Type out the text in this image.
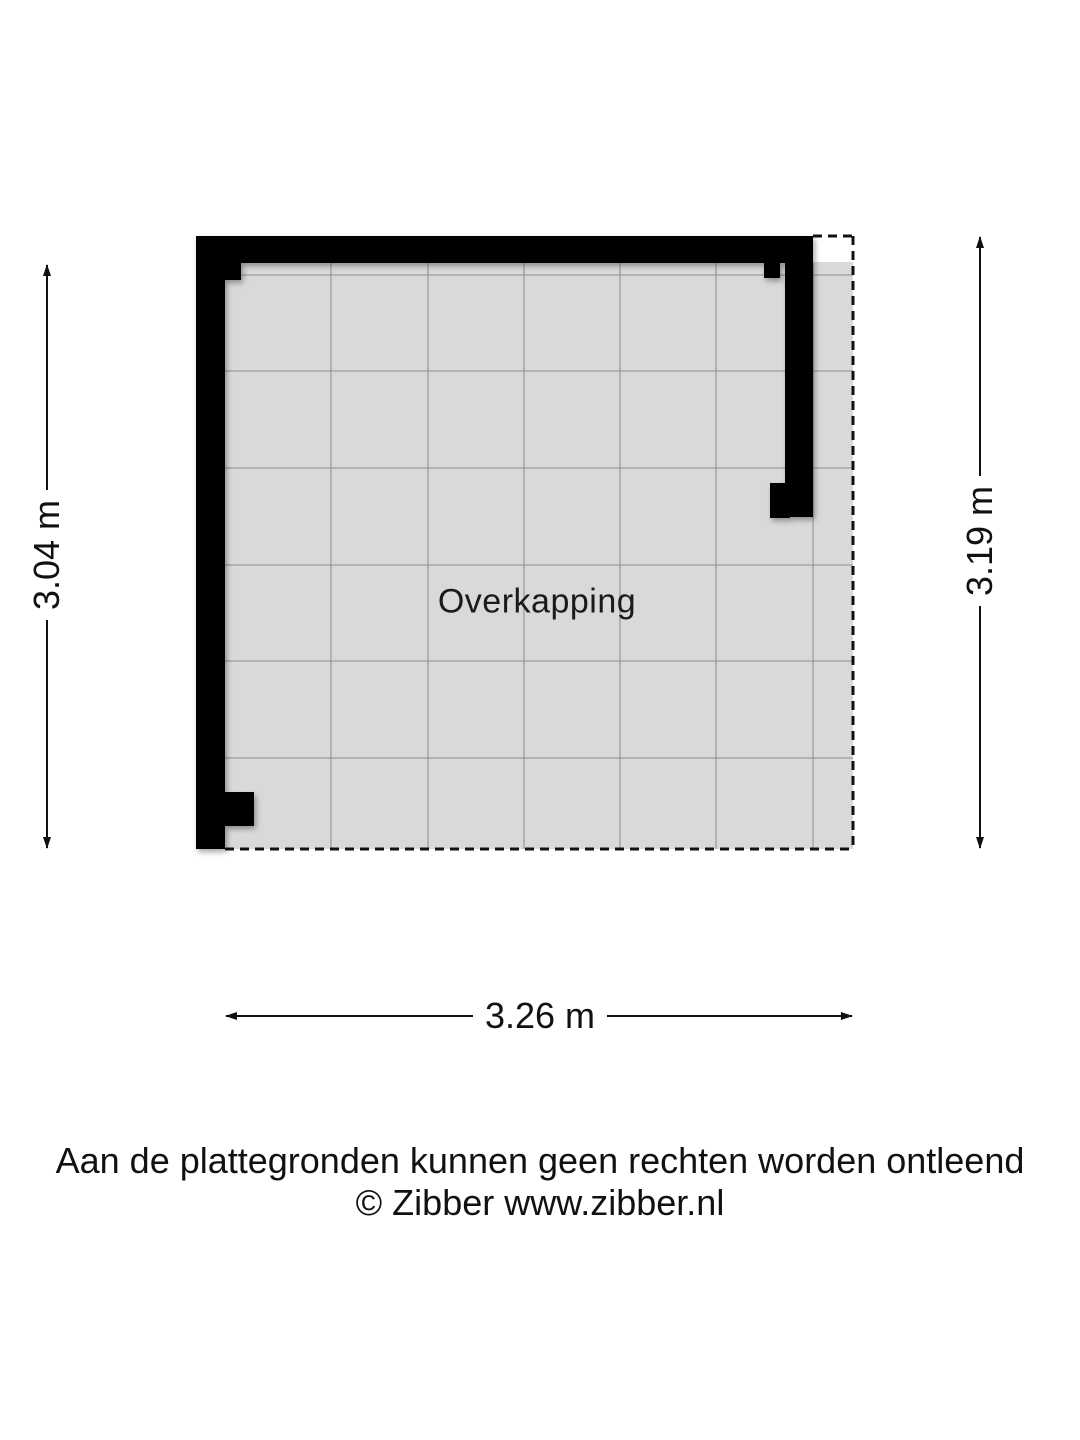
3.04 m	3.19 m
3.26 m
Overkapping
Aan de plattegronden kunnen geen rechten worden ontleend
© Zibber www.zibber.nl
